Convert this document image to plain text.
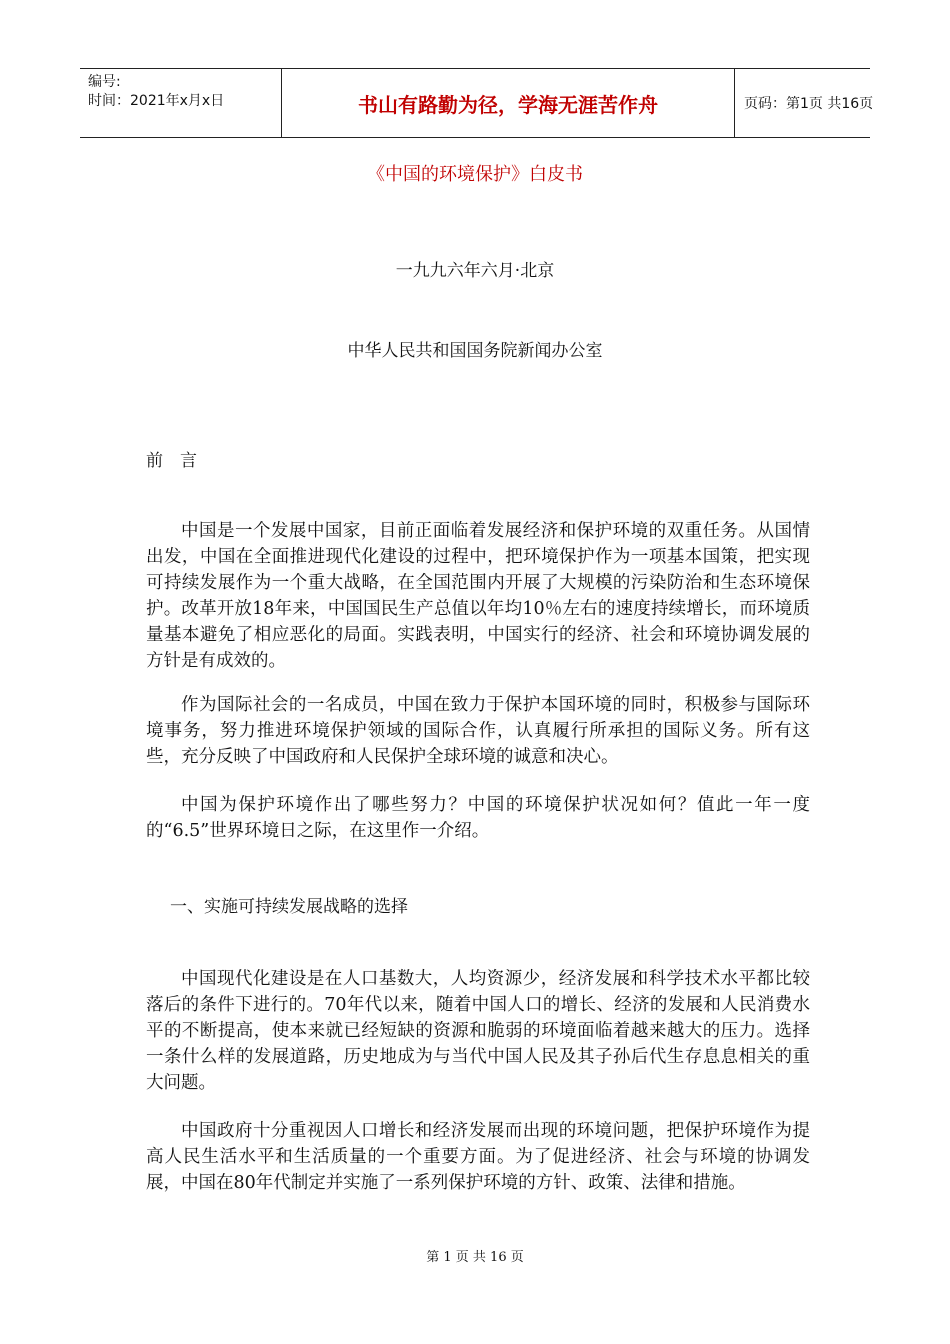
编号:
时间：2021年x月x日	书山有路勤为径，学海无涯苦作舟	页码：第1页 共16页
《中国的环境保护》白皮书
一九九六年六月·北京
中华人民共和国国务院新闻办公室
前　言
中国是一个发展中国家，目前正面临着发展经济和保护环境的双重任务。从国情出发，中国在全面推进现代化建设的过程中，把环境保护作为一项基本国策，把实现可持续发展作为一个重大战略，在全国范围内开展了大规模的污染防治和生态环境保护。改革开放18年来，中国国民生产总值以年均10％左右的速度持续增长，而环境质量基本避免了相应恶化的局面。实践表明，中国实行的经济、社会和环境协调发展的方针是有成效的。
作为国际社会的一名成员，中国在致力于保护本国环境的同时，积极参与国际环境事务，努力推进环境保护领域的国际合作，认真履行所承担的国际义务。所有这些，充分反映了中国政府和人民保护全球环境的诚意和决心。
中国为保护环境作出了哪些努力？中国的环境保护状况如何？值此一年一度的“6.5”世界环境日之际，在这里作一介绍。
一、实施可持续发展战略的选择
中国现代化建设是在人口基数大，人均资源少，经济发展和科学技术水平都比较落后的条件下进行的。70年代以来，随着中国人口的增长、经济的发展和人民消费水平的不断提高，使本来就已经短缺的资源和脆弱的环境面临着越来越大的压力。选择一条什么样的发展道路，历史地成为与当代中国人民及其子孙后代生存息息相关的重大问题。
中国政府十分重视因人口增长和经济发展而出现的环境问题，把保护环境作为提高人民生活水平和生活质量的一个重要方面。为了促进经济、社会与环境的协调发展，中国在80年代制定并实施了一系列保护环境的方针、政策、法律和措施。
第 1 页 共 16 页
